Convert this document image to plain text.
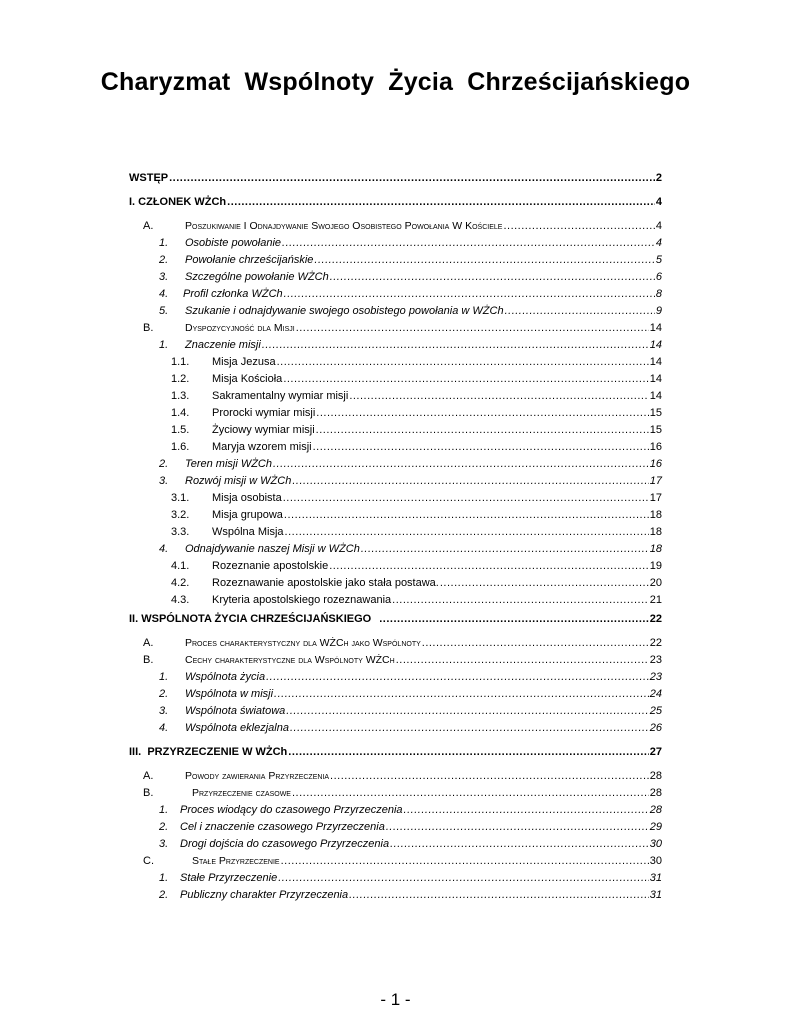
Charyzmat Wspólnoty Życia Chrześcijańskiego
WSTĘP .....	2
I. CZŁONEK WŻCh .....	4
A.	Poszukiwanie I Odnajdywanie Swojego Osobistego Powołania W Kościele .....	4
1.	Osobiste powołanie .....	4
2.	Powołanie chrześcijańskie .....	5
3.	Szczególne powołanie WŻCh .....	6
4.	Profil członka WŻCh .....	8
5.	Szukanie i odnajdywanie swojego osobistego powołania w WŻCh .....	9
B.	Dyspozycyjność dla Misji .....	14
1.	Znaczenie misji .....	14
1.1.	Misja Jezusa .....	14
1.2.	Misja Kościoła .....	14
1.3.	Sakramentalny wymiar misji .....	14
1.4.	Prorocki wymiar misji .....	15
1.5.	Życiowy wymiar misji .....	15
1.6.	Maryja wzorem misji .....	16
2.	Teren misji WŻCh .....	16
3.	Rozwój misji w WŻCh .....	17
3.1.	Misja osobista .....	17
3.2.	Misja grupowa .....	18
3.3.	Wspólna Misja .....	18
4.	Odnajdywanie naszej Misji w WŻCh .....	18
4.1.	Rozeznanie apostolskie .....	19
4.2.	Rozeznawanie apostolskie jako stała postawa. .....	20
4.3.	Kryteria apostolskiego rozeznawania .....	21
II. WSPÓLNOTA ŻYCIA CHRZEŚCIJAŃSKIEGO .....	22
A.	Proces charakterystyczny dla WŻCh jako Wspólnoty .....	22
B.	Cechy charakterystyczne dla Wspólnoty WŻCh .....	23
1.	Wspólnota życia .....	23
2.	Wspólnota w misji .....	24
3.	Wspólnota światowa .....	25
4.	Wspólnota eklezjalna .....	26
III.  PRZYRZECZENIE W WŻCh .....	27
A.	Powody zawierania Przyrzeczenia .....	28
B.	Przyrzeczenie czasowe .....	28
1.	Proces wiodący do czasowego Przyrzeczenia .....	28
2.	Cel i znaczenie czasowego Przyrzeczenia .....	29
3.	Drogi dojścia do czasowego Przyrzeczenia .....	30
C.	Stałe Przyrzeczenie .....	30
1.	Stałe Przyrzeczenie .....	31
2.	Publiczny charakter Przyrzeczenia .....	31
- 1 -
